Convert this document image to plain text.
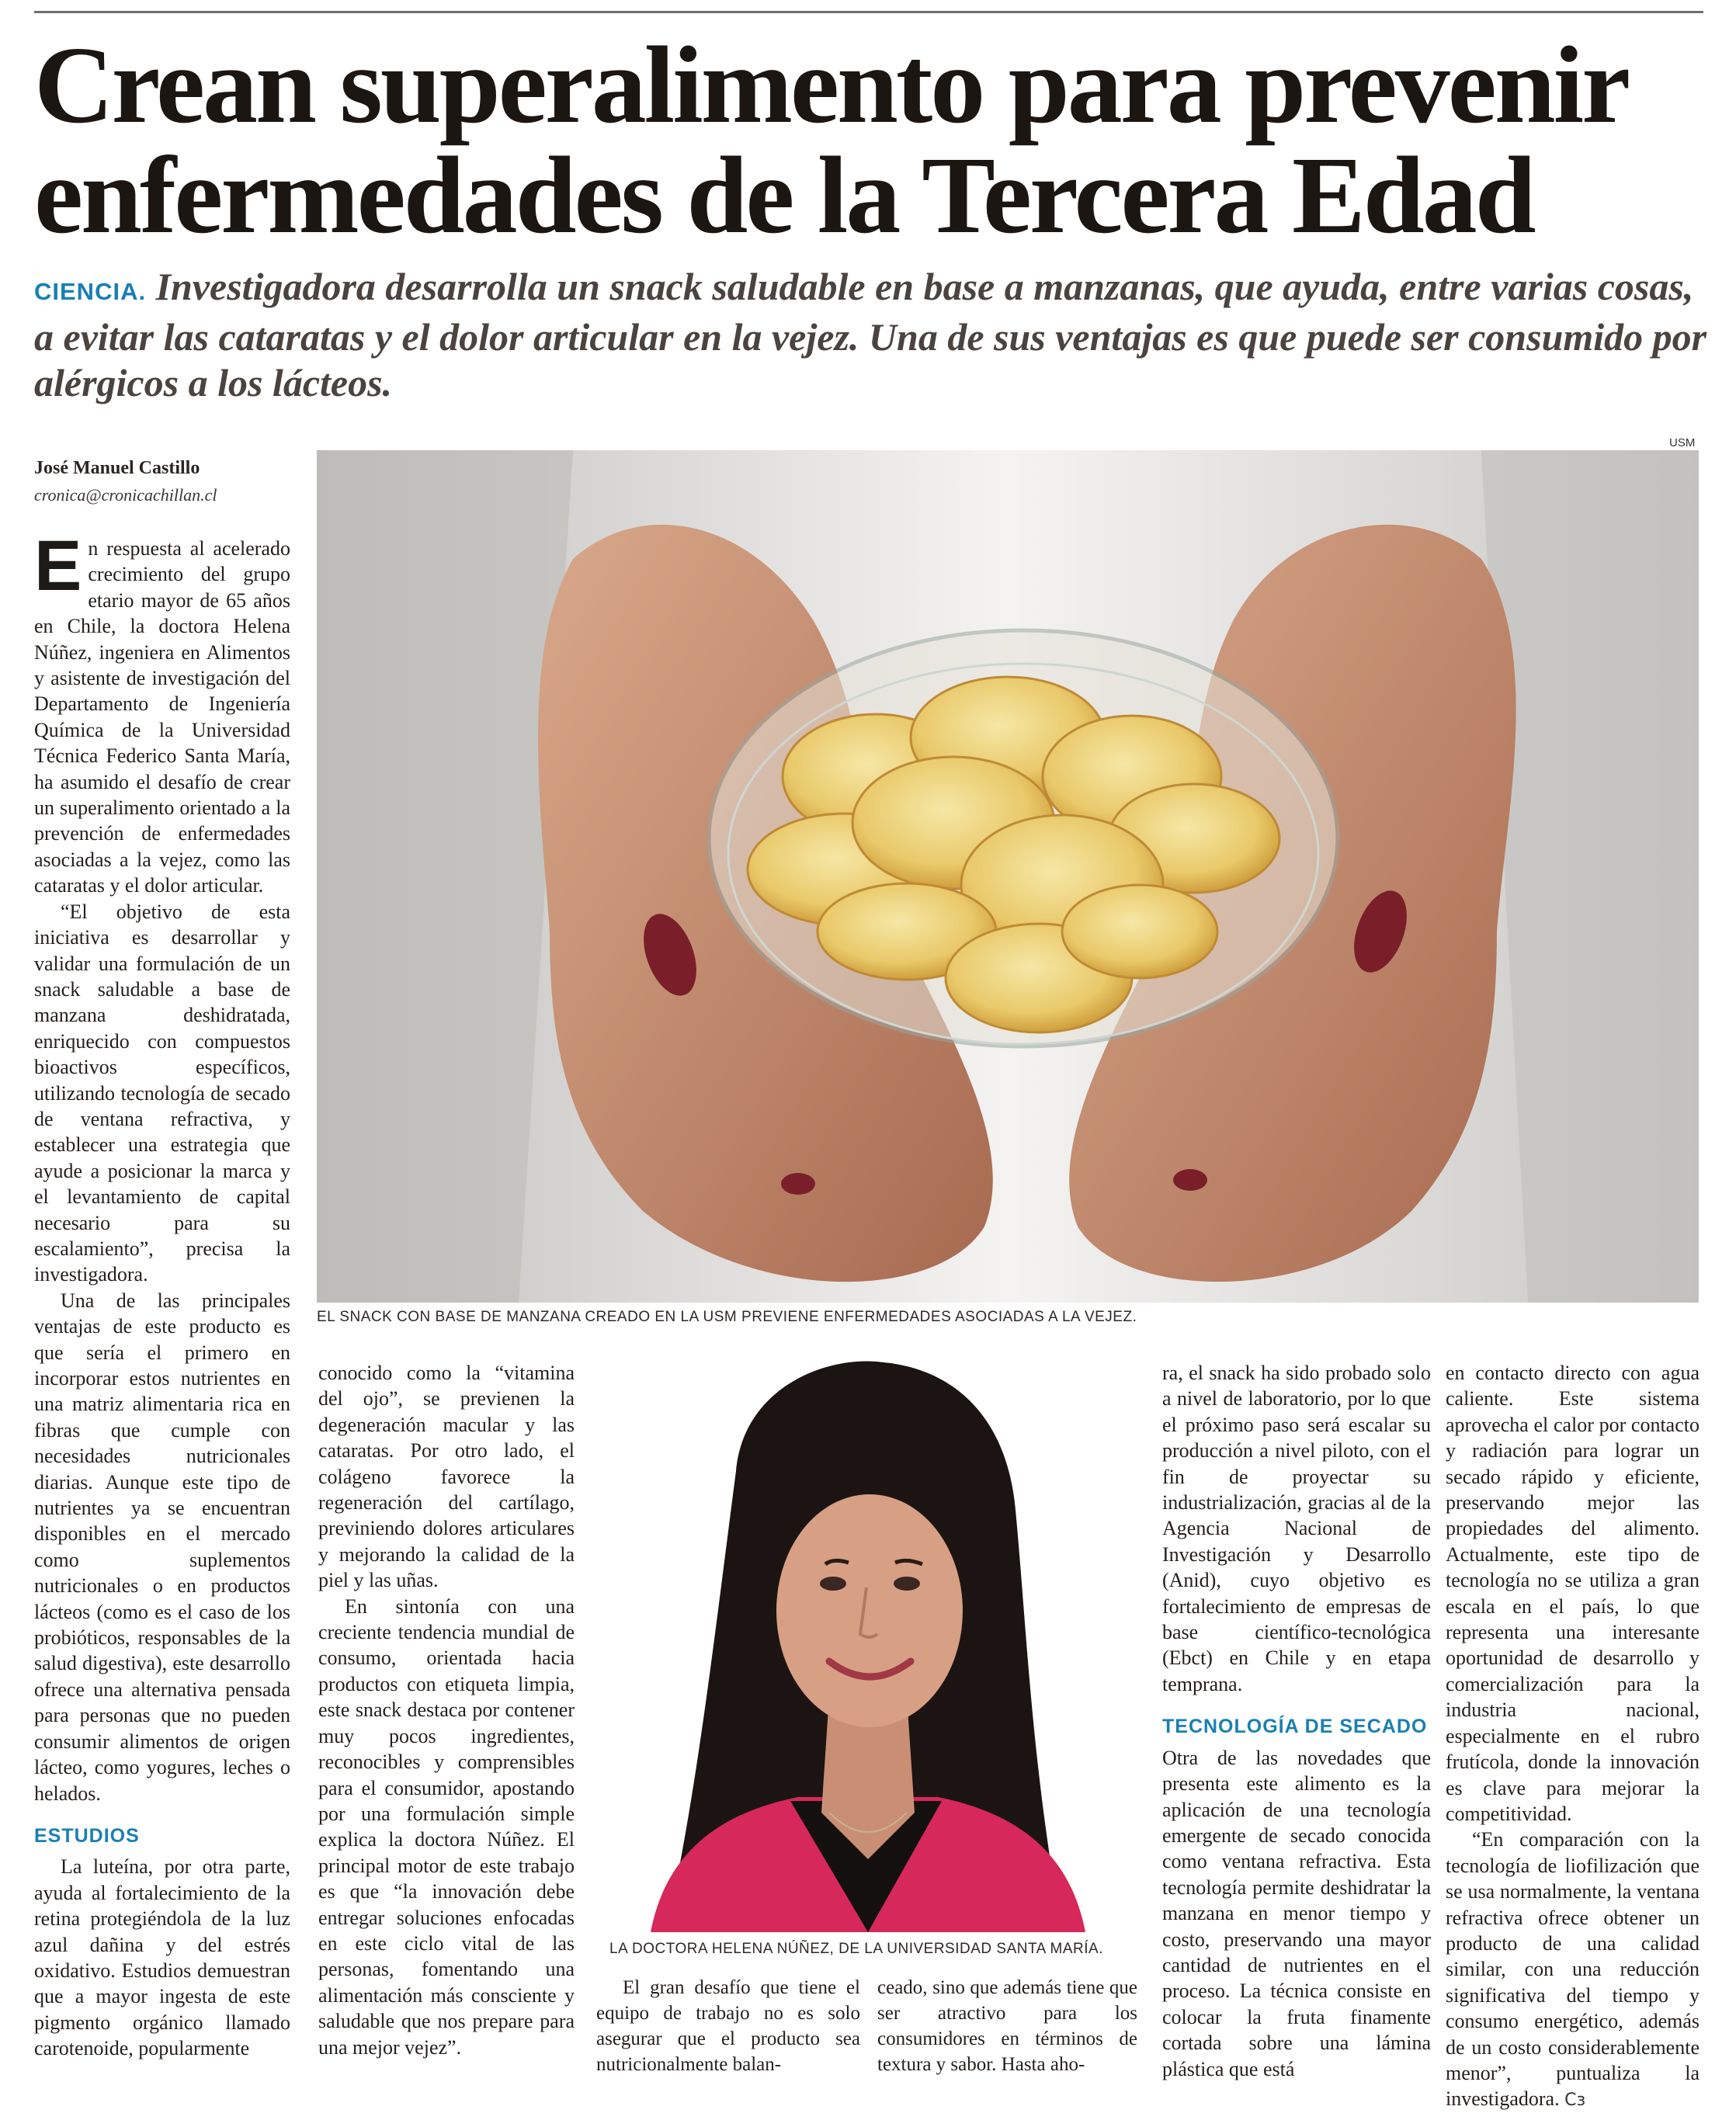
Crean superalimento para prevenir
enfermedades de la Tercera Edad

CIENCIA. Investigadora desarrolla un snack saludable en base a manzanas, que ayuda, entre varias cosas, a evitar las cataratas y el dolor articular en la vejez. Una de sus ventajas es que puede ser consumido por alérgicos a los lácteos.

José Manuel Castillo
cronica@cronicachillan.cl
USM
EL SNACK CON BASE DE MANZANA CREADO EN LA USM PREVIENE ENFERMEDADES ASOCIADAS A LA VEJEZ.
LA DOCTORA HELENA NÚÑEZ, DE LA UNIVERSIDAD SANTA MARÍA.

En respuesta al acelerado crecimiento del grupo etario mayor de 65 años en Chile, la doctora Helena Núñez, ingeniera en Alimentos y asistente de investigación del Departamento de Ingeniería Química de la Universidad Técnica Federico Santa María, ha asumido el desafío de crear un superalimento orientado a la prevención de enfermedades asociadas a la vejez, como las cataratas y el dolor articular.

“El objetivo de esta iniciativa es desarrollar y validar una formulación de un snack saludable a base de manzana deshidratada, enriquecido con compuestos bioactivos específicos, utilizando tecnología de secado de ventana refractiva, y establecer una estrategia que ayude a posicionar la marca y el levantamiento de capital necesario para su escalamiento”, precisa la investigadora.

Una de las principales ventajas de este producto es que sería el primero en incorporar estos nutrientes en una matriz alimentaria rica en fibras que cumple con necesidades nutricionales diarias. Aunque este tipo de nutrientes ya se encuentran disponibles en el mercado como suplementos nutricionales o en productos lácteos (como es el caso de los probióticos, responsables de la salud digestiva), este desarrollo ofrece una alternativa pensada para personas que no pueden consumir alimentos de origen lácteo, como yogures, leches o helados.

ESTUDIOS

La luteína, por otra parte, ayuda al fortalecimiento de la retina protegiéndola de la luz azul dañina y del estrés oxidativo. Estudios demuestran que a mayor ingesta de este pigmento orgánico llamado carotenoide, popularmente

conocido como la “vitamina del ojo”, se previenen la degeneración macular y las cataratas. Por otro lado, el colágeno favorece la regeneración del cartílago, previniendo dolores articulares y mejorando la calidad de la piel y las uñas.

En sintonía con una creciente tendencia mundial de consumo, orientada hacia productos con etiqueta limpia, este snack destaca por contener muy pocos ingredientes, reconocibles y comprensibles para el consumidor, apostando por una formulación simple explica la doctora Núñez. El principal motor de este trabajo es que “la innovación debe entregar soluciones enfocadas en este ciclo vital de las personas, fomentando una alimentación más consciente y saludable que nos prepare para una mejor vejez”.

El gran desafío que tiene el equipo de trabajo no es solo asegurar que el producto sea nutricionalmente balan-

ceado, sino que además tiene que ser atractivo para los consumidores en términos de textura y sabor. Hasta aho-

ra, el snack ha sido probado solo a nivel de laboratorio, por lo que el próximo paso será escalar su producción a nivel piloto, con el fin de proyectar su industrialización, gracias al de la Agencia Nacional de Investigación y Desarrollo (Anid), cuyo objetivo es fortalecimiento de empresas de base científico-tecnológica (Ebct) en Chile y en etapa temprana.

TECNOLOGÍA DE SECADO

Otra de las novedades que presenta este alimento es la aplicación de una tecnología emergente de secado conocida como ventana refractiva. Esta tecnología permite deshidratar la manzana en menor tiempo y costo, preservando una mayor cantidad de nutrientes en el proceso. La técnica consiste en colocar la fruta finamente cortada sobre una lámina plástica que está

en contacto directo con agua caliente. Este sistema aprovecha el calor por contacto y radiación para lograr un secado rápido y eficiente, preservando mejor las propiedades del alimento. Actualmente, este tipo de tecnología no se utiliza a gran escala en el país, lo que representa una interesante oportunidad de desarrollo y comercialización para la industria nacional, especialmente en el rubro frutícola, donde la innovación es clave para mejorar la competitividad.

“En comparación con la tecnología de liofilización que se usa normalmente, la ventana refractiva ofrece obtener un producto de una calidad similar, con una reducción significativa del tiempo y consumo energético, además de un costo considerablemente menor”, puntualiza la investigadora. Cз
